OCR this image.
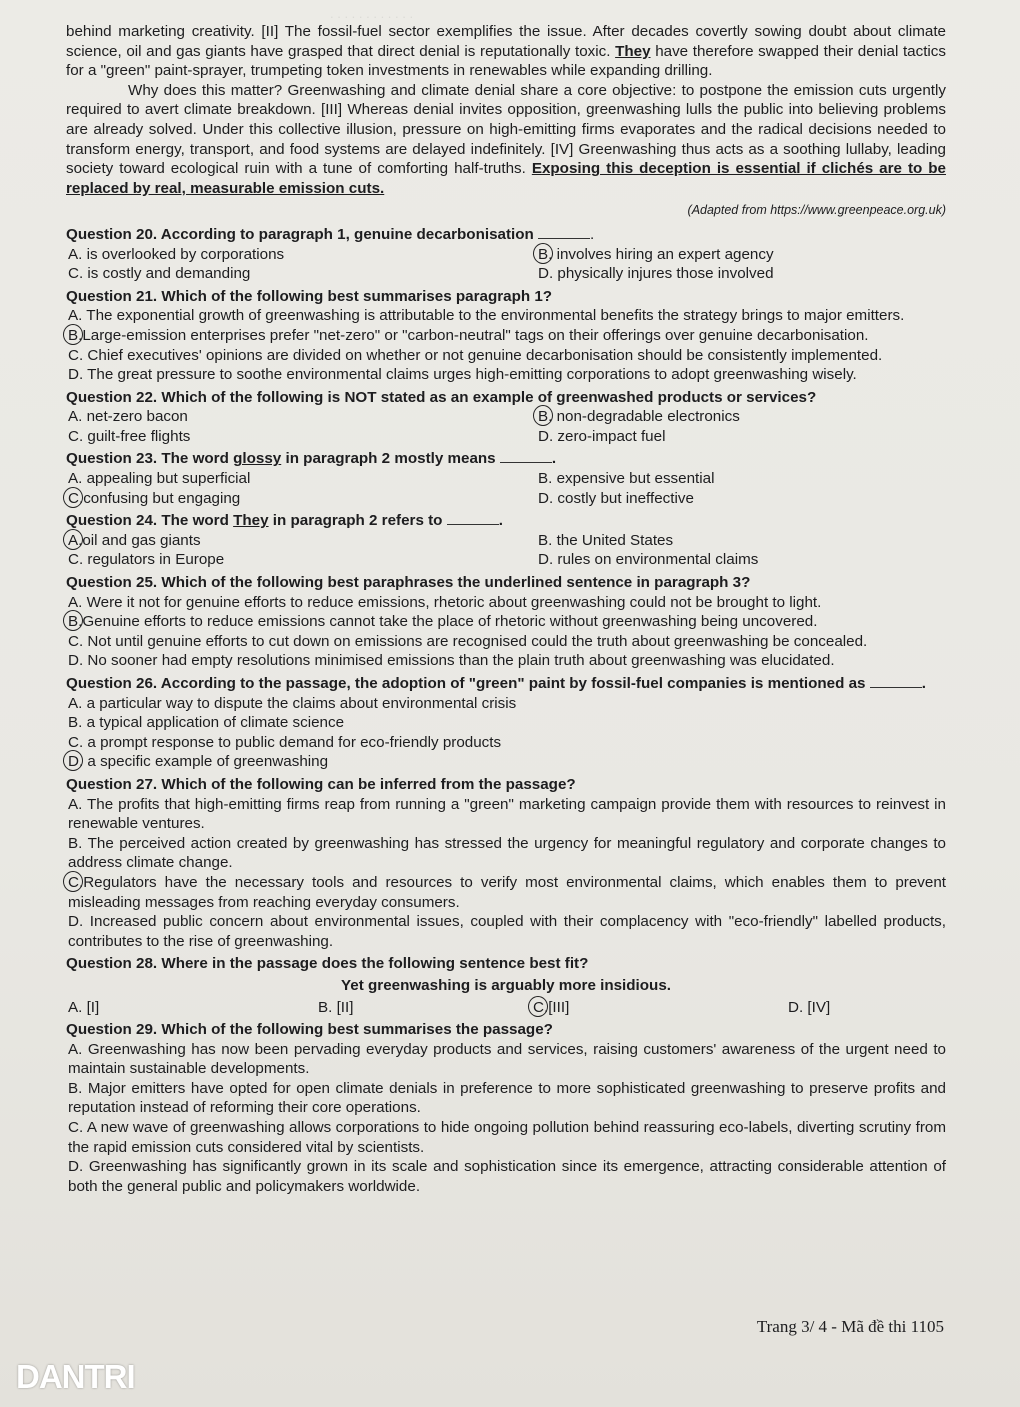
. . . . . . . . . . . .

behind marketing creativity. [II] The fossil-fuel sector exemplifies the issue. After decades covertly sowing doubt about climate science, oil and gas giants have grasped that direct denial is reputationally toxic. They have therefore swapped their denial tactics for a "green" paint-sprayer, trumpeting token investments in renewables while expanding drilling.

Why does this matter? Greenwashing and climate denial share a core objective: to postpone the emission cuts urgently required to avert climate breakdown. [III] Whereas denial invites opposition, greenwashing lulls the public into believing problems are already solved. Under this collective illusion, pressure on high-emitting firms evaporates and the radical decisions needed to transform energy, transport, and food systems are delayed indefinitely. [IV] Greenwashing thus acts as a soothing lullaby, leading society toward ecological ruin with a tune of comforting half-truths. Exposing this deception is essential if clichés are to be replaced by real, measurable emission cuts.

(Adapted from https://www.greenpeace.org.uk)
Question 20. According to paragraph 1, genuine decarbonisation	.
A. is overlooked by corporations	B. involves hiring an expert agency
C. is costly and demanding	D. physically injures those involved
Question 21. Which of the following best summarises paragraph 1?
A. The exponential growth of greenwashing is attributable to the environmental benefits the strategy brings to major emitters.
B.Large-emission enterprises prefer "net-zero" or "carbon-neutral" tags on their offerings over genuine decarbonisation.
C. Chief executives' opinions are divided on whether or not genuine decarbonisation should be consistently implemented.
D. The great pressure to soothe environmental claims urges high-emitting corporations to adopt greenwashing wisely.
Question 22. Which of the following is NOT stated as an example of greenwashed products or services?
A. net-zero bacon	B. non-degradable electronics
C. guilt-free flights	D. zero-impact fuel
Question 23. The word glossy in paragraph 2 mostly means	.
A. appealing but superficial	B. expensive but essential
C.confusing but engaging	D. costly but ineffective
Question 24. The word They in paragraph 2 refers to	.
A.oil and gas giants	B. the United States
C. regulators in Europe	D. rules on environmental claims
Question 25. Which of the following best paraphrases the underlined sentence in paragraph 3?
A. Were it not for genuine efforts to reduce emissions, rhetoric about greenwashing could not be brought to light.
B.Genuine efforts to reduce emissions cannot take the place of rhetoric without greenwashing being uncovered.
C. Not until genuine efforts to cut down on emissions are recognised could the truth about greenwashing be concealed.
D. No sooner had empty resolutions minimised emissions than the plain truth about greenwashing was elucidated.
Question 26. According to the passage, the adoption of "green" paint by fossil-fuel companies is mentioned as	.
A. a particular way to dispute the claims about environmental crisis
B. a typical application of climate science
C. a prompt response to public demand for eco-friendly products
D. a specific example of greenwashing
Question 27. Which of the following can be inferred from the passage?
A. The profits that high-emitting firms reap from running a "green" marketing campaign provide them with resources to reinvest in renewable ventures.
B. The perceived action created by greenwashing has stressed the urgency for meaningful regulatory and corporate changes to address climate change.
C.Regulators have the necessary tools and resources to verify most environmental claims, which enables them to prevent misleading messages from reaching everyday consumers.
D. Increased public concern about environmental issues, coupled with their complacency with "eco-friendly" labelled products, contributes to the rise of greenwashing.
Question 28. Where in the passage does the following sentence best fit?
Yet greenwashing is arguably more insidious.
A. [I]	B. [II]	C.[III]	D. [IV]
Question 29. Which of the following best summarises the passage?
A. Greenwashing has now been pervading everyday products and services, raising customers' awareness of the urgent need to maintain sustainable developments.
B. Major emitters have opted for open climate denials in preference to more sophisticated greenwashing to preserve profits and reputation instead of reforming their core operations.
C. A new wave of greenwashing allows corporations to hide ongoing pollution behind reassuring eco-labels, diverting scrutiny from the rapid emission cuts considered vital by scientists.
D. Greenwashing has significantly grown in its scale and sophistication since its emergence, attracting considerable attention of both the general public and policymakers worldwide.
Trang 3/ 4 - Mã đề thi 1105
DANTRI
